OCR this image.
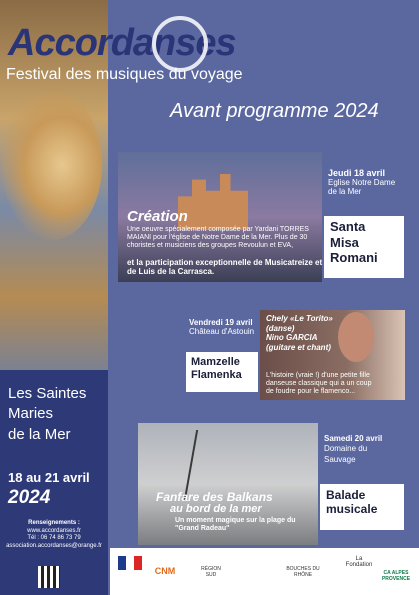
Accordanses
Festival des musiques du voyage
Avant programme 2024
Création
Une oeuvre spécialement composée par Yardani TORRES MAIANI pour l'église de Notre Dame de la Mer. Plus de 30 choristes et musiciens des groupes Revoulun et EVA,
et la participation exceptionnelle de Musicatreize et de Luis de la Carrasca.
Jeudi 18 avril
Eglise Notre Dame de la Mer
Santa
Misa
Romani
Vendredi 19 avril
Château d'Astouin
Mamzelle
Flamenka
Chely «Le Torito»
(danse)
Nino GARCIA
(guitare et chant)
L'histoire (vraie !) d'une petite fille danseuse classique qui a un coup de foudre pour le flamenco...
Les Saintes
Maries
de la Mer
18 au 21 avril
2024
Renseignements :
www.accordanses.fr
Tél : 06 74 86 73 79
association.accordanses@orange.fr
Fanfare des Balkans
au bord de la mer
Un moment magique sur la plage du "Grand Radeau"
Samedi 20 avril
Domaine du
Sauvage
Balade
musicale
CNM	RÉGION SUD
BOUCHES DU RHÔNE
La Fondation
CA ALPES PROVENCE
